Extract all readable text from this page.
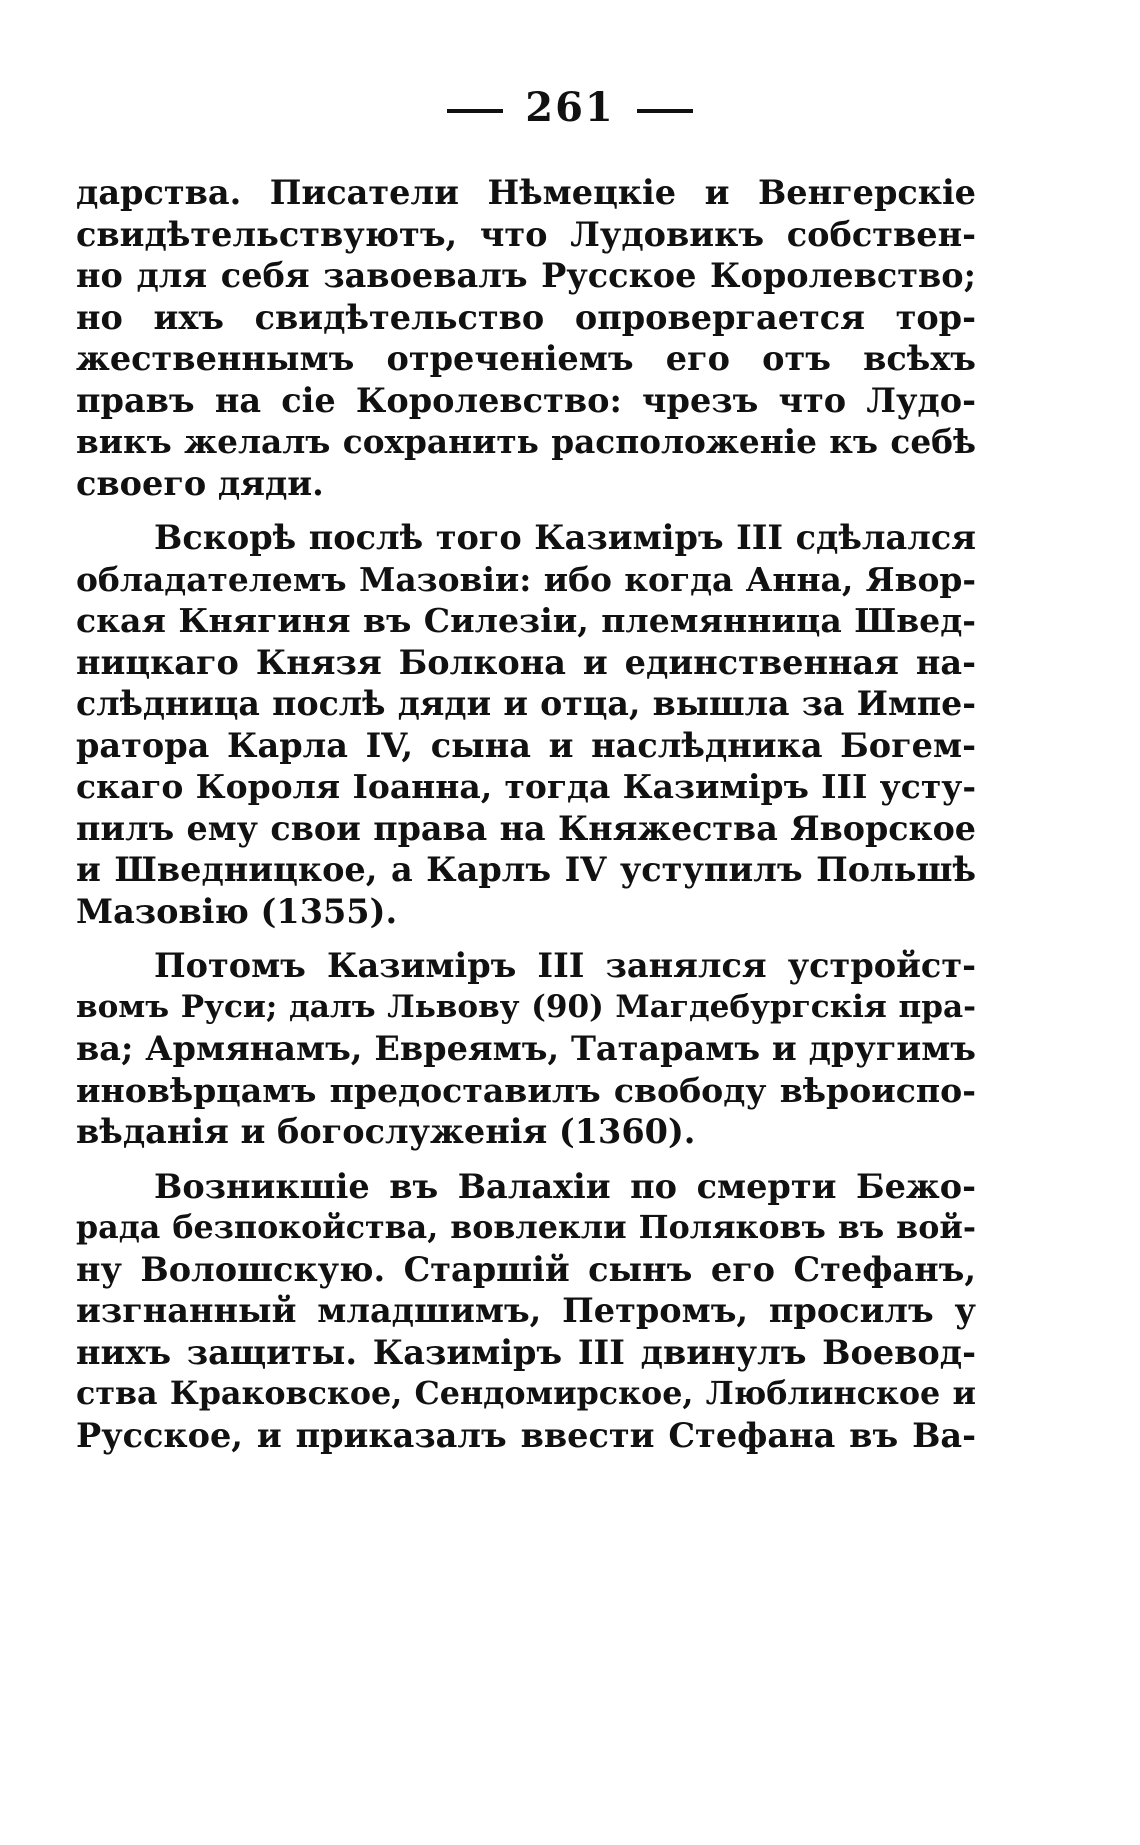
261
дарства. Писатели Нѣмецкіе и Венгерскіе
свидѣтельствуютъ, что Лудовикъ собствен-
но для себя завоевалъ Русское Королевство;
но ихъ свидѣтельство опровергается тор-
жественнымъ отреченіемъ его отъ всѣхъ
правъ на сіе Королевство: чрезъ что Лудо-
викъ желалъ сохранить расположеніе къ себѣ
своего дяди.
Вскорѣ послѣ того Казиміръ III сдѣлался
обладателемъ Мазовіи: ибо когда Анна, Явор-
ская Княгиня въ Силезіи, племянница Швед-
ницкаго Князя Болкона и единственная на-
слѣдница послѣ дяди и отца, вышла за Импе-
ратора Карла IV, сына и наслѣдника Богем-
скаго Короля Іоанна, тогда Казиміръ III усту-
пилъ ему свои права на Княжества Яворское
и Шведницкое, а Карлъ IV уступилъ Польшѣ
Мазовію (1355).
Потомъ Казиміръ III занялся устройст-
вомъ Руси; далъ Львову (90) Магдебургскія пра-
ва; Армянамъ, Евреямъ, Татарамъ и другимъ
иновѣрцамъ предоставилъ свободу вѣроиспо-
вѣданія и богослуженія (1360).
Возникшіе въ Валахіи по смерти Бежо-
рада безпокойства, вовлекли Поляковъ въ вой-
ну Волошскую. Старшій сынъ его Стефанъ,
изгнанный младшимъ, Петромъ, просилъ у
нихъ защиты. Казиміръ III двинулъ Воевод-
ства Краковское, Сендомирское, Люблинское и
Русское, и приказалъ ввести Стефана въ Ва-
